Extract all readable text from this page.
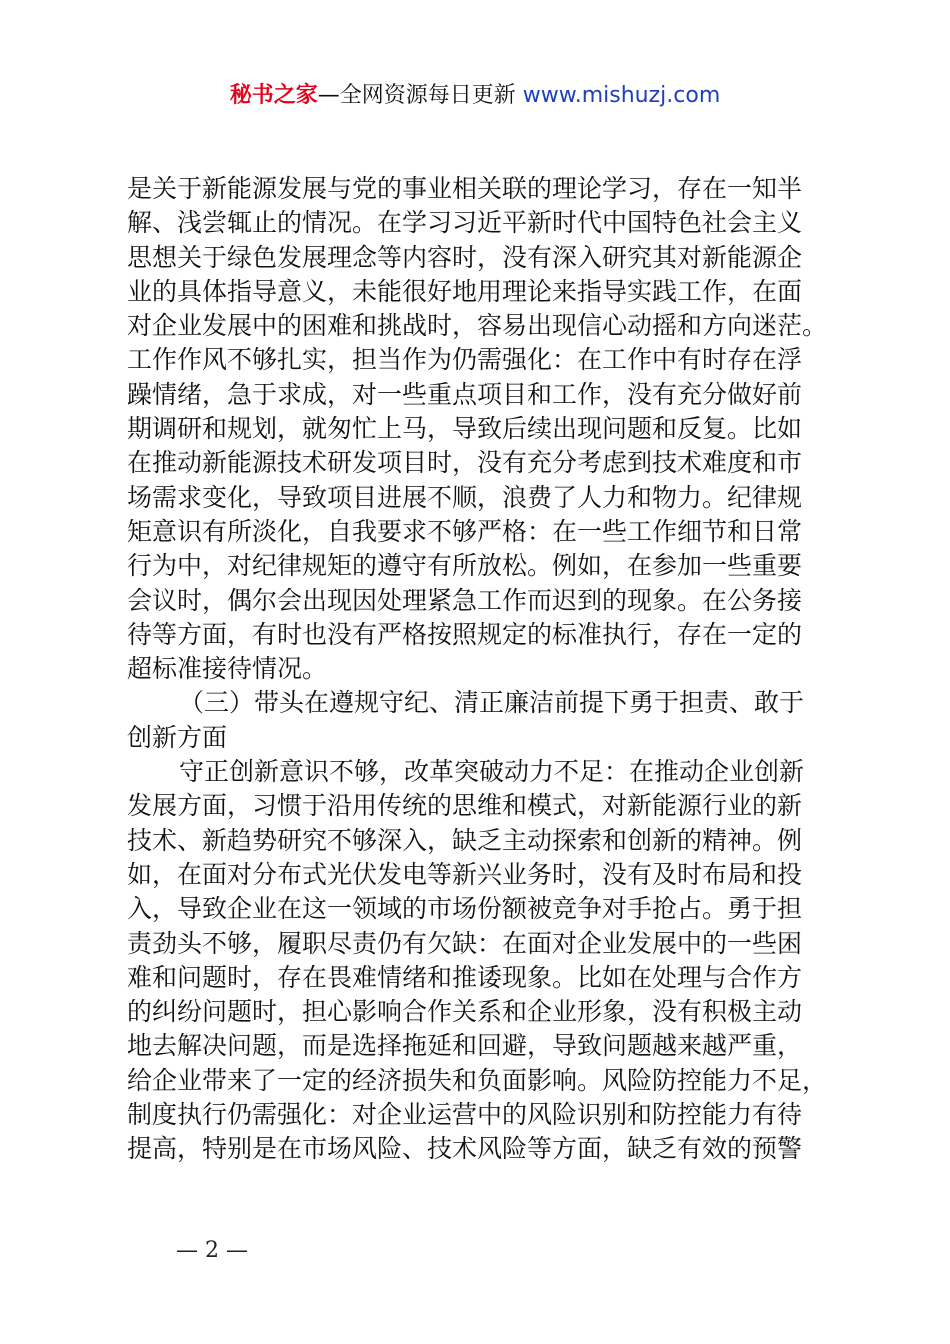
秘书之家—全网资源每日更新 www.mishuzj.com
是关于新能源发展与党的事业相关联的理论学习，存在一知半
解、浅尝辄止的情况。在学习习近平新时代中国特色社会主义
思想关于绿色发展理念等内容时，没有深入研究其对新能源企
业的具体指导意义，未能很好地用理论来指导实践工作，在面
对企业发展中的困难和挑战时，容易出现信心动摇和方向迷茫。
工作作风不够扎实，担当作为仍需强化：在工作中有时存在浮
躁情绪，急于求成，对一些重点项目和工作，没有充分做好前
期调研和规划，就匆忙上马，导致后续出现问题和反复。比如
在推动新能源技术研发项目时，没有充分考虑到技术难度和市
场需求变化，导致项目进展不顺，浪费了人力和物力。纪律规
矩意识有所淡化，自我要求不够严格：在一些工作细节和日常
行为中，对纪律规矩的遵守有所放松。例如，在参加一些重要
会议时，偶尔会出现因处理紧急工作而迟到的现象。在公务接
待等方面，有时也没有严格按照规定的标准执行，存在一定的
超标准接待情况。
（三）带头在遵规守纪、清正廉洁前提下勇于担责、敢于
创新方面
守正创新意识不够，改革突破动力不足：在推动企业创新
发展方面，习惯于沿用传统的思维和模式，对新能源行业的新
技术、新趋势研究不够深入，缺乏主动探索和创新的精神。例
如，在面对分布式光伏发电等新兴业务时，没有及时布局和投
入，导致企业在这一领域的市场份额被竞争对手抢占。勇于担
责劲头不够，履职尽责仍有欠缺：在面对企业发展中的一些困
难和问题时，存在畏难情绪和推诿现象。比如在处理与合作方
的纠纷问题时，担心影响合作关系和企业形象，没有积极主动
地去解决问题，而是选择拖延和回避，导致问题越来越严重，
给企业带来了一定的经济损失和负面影响。风险防控能力不足，
制度执行仍需强化：对企业运营中的风险识别和防控能力有待
提高，特别是在市场风险、技术风险等方面，缺乏有效的预警
— 2 —
